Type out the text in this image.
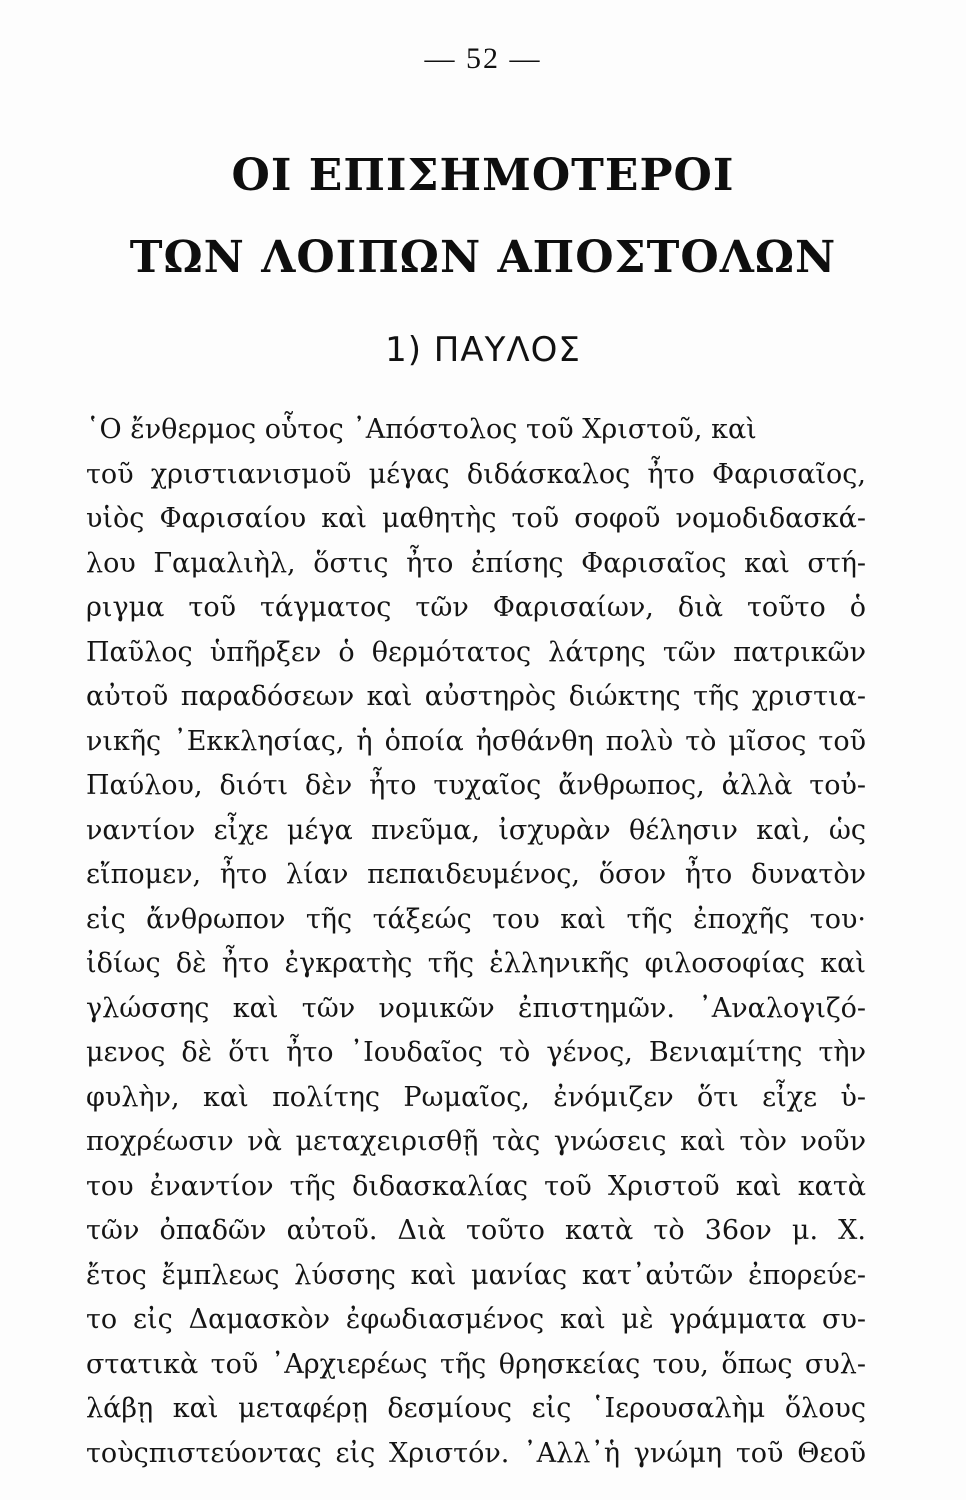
— 52 —
ΟΙ ΕΠΙΣΗΜΟΤΕΡΟΙ
ΤΩΝ ΛΟΙΠΩΝ ΑΠΟΣΤΟΛΩΝ
1) ΠΑΥΛΟΣ
῾Ο ἔνθερμος οὗτος ᾿Απόστολος τοῦ Χριστοῦ, καὶ
τοῦ χριστιανισμοῦ μέγας διδάσκαλος ἦτο Φαρισαῖος,
υἱὸς Φαρισαίου καὶ μαθητὴς τοῦ σοφοῦ νομοδιδασκά-
λου Γαμαλιὴλ, ὅστις ἦτο ἐπίσης Φαρισαῖος καὶ στή-
ριγμα τοῦ τάγματος τῶν Φαρισαίων, διὰ τοῦτο ὁ
Παῦλος ὑπῆρξεν ὁ θερμότατος λάτρης τῶν πατρικῶν
αὐτοῦ παραδόσεων καὶ αὐστηρὸς διώκτης τῆς χριστια-
νικῆς ᾿Εκκλησίας, ἡ ὁποία ἠσθάνθη πολὺ τὸ μῖσος τοῦ
Παύλου, διότι δὲν ἦτο τυχαῖος ἄνθρωπος, ἀλλὰ τοὐ-
ναντίον εἶχε μέγα πνεῦμα, ἰσχυρὰν θέλησιν καὶ, ὡς
εἴπομεν, ἦτο λίαν πεπαιδευμένος, ὅσον ἦτο δυνατὸν
εἰς ἄνθρωπον τῆς τάξεώς του καὶ τῆς ἐποχῆς του·
ἰδίως δὲ ἦτο ἐγκρατὴς τῆς ἑλληνικῆς φιλοσοφίας καὶ
γλώσσης καὶ τῶν νομικῶν ἐπιστημῶν. ᾿Αναλογιζό-
μενος δὲ ὅτι ἦτο ᾿Ιουδαῖος τὸ γένος, Βενιαμίτης τὴν
φυλὴν, καὶ πολίτης Ρωμαῖος, ἐνόμιζεν ὅτι εἶχε ὑ-
ποχρέωσιν νὰ μεταχειρισθῇ τὰς γνώσεις καὶ τὸν νοῦν
του ἐναντίον τῆς διδασκαλίας τοῦ Χριστοῦ καὶ κατὰ
τῶν ὀπαδῶν αὐτοῦ. Διὰ τοῦτο κατὰ τὸ 36ον μ. Χ.
ἔτος ἔμπλεως λύσσης καὶ μανίας κατ᾿αὐτῶν ἐπορεύε-
το εἰς Δαμασκὸν ἐφωδιασμένος καὶ μὲ γράμματα συ-
στατικὰ τοῦ ᾿Αρχιερέως τῆς θρησκείας του, ὅπως συλ-
λάβῃ καὶ μεταφέρῃ δεσμίους εἰς ῾Ιερουσαλὴμ ὅλους
τοὺςπιστεύοντας εἰς Χριστόν. ᾿Αλλ᾿ἡ γνώμη τοῦ Θεοῦ
